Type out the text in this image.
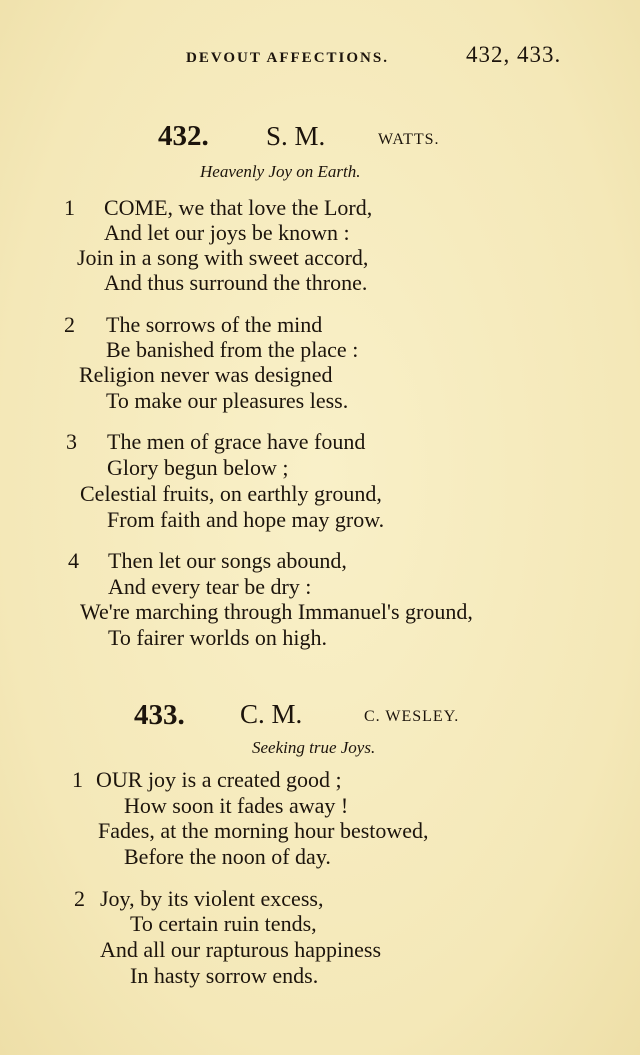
DEVOUT AFFECTIONS.	432, 433.
432. S. M.	WATTS.
Heavenly Joy on Earth.
1 COME, we that love the Lord,
And let our joys be known :
Join in a song with sweet accord,
And thus surround the throne.
2 The sorrows of the mind
Be banished from the place :
Religion never was designed
To make our pleasures less.
3 The men of grace have found
Glory begun below ;
Celestial fruits, on earthly ground,
From faith and hope may grow.
4 Then let our songs abound,
And every tear be dry :
We're marching through Immanuel's ground,
To fairer worlds on high.
433. C. M.	C. WESLEY.
Seeking true Joys.
1 OUR joy is a created good ;
How soon it fades away !
Fades, at the morning hour bestowed,
Before the noon of day.
2 Joy, by its violent excess,
To certain ruin tends,
And all our rapturous happiness
In hasty sorrow ends.
